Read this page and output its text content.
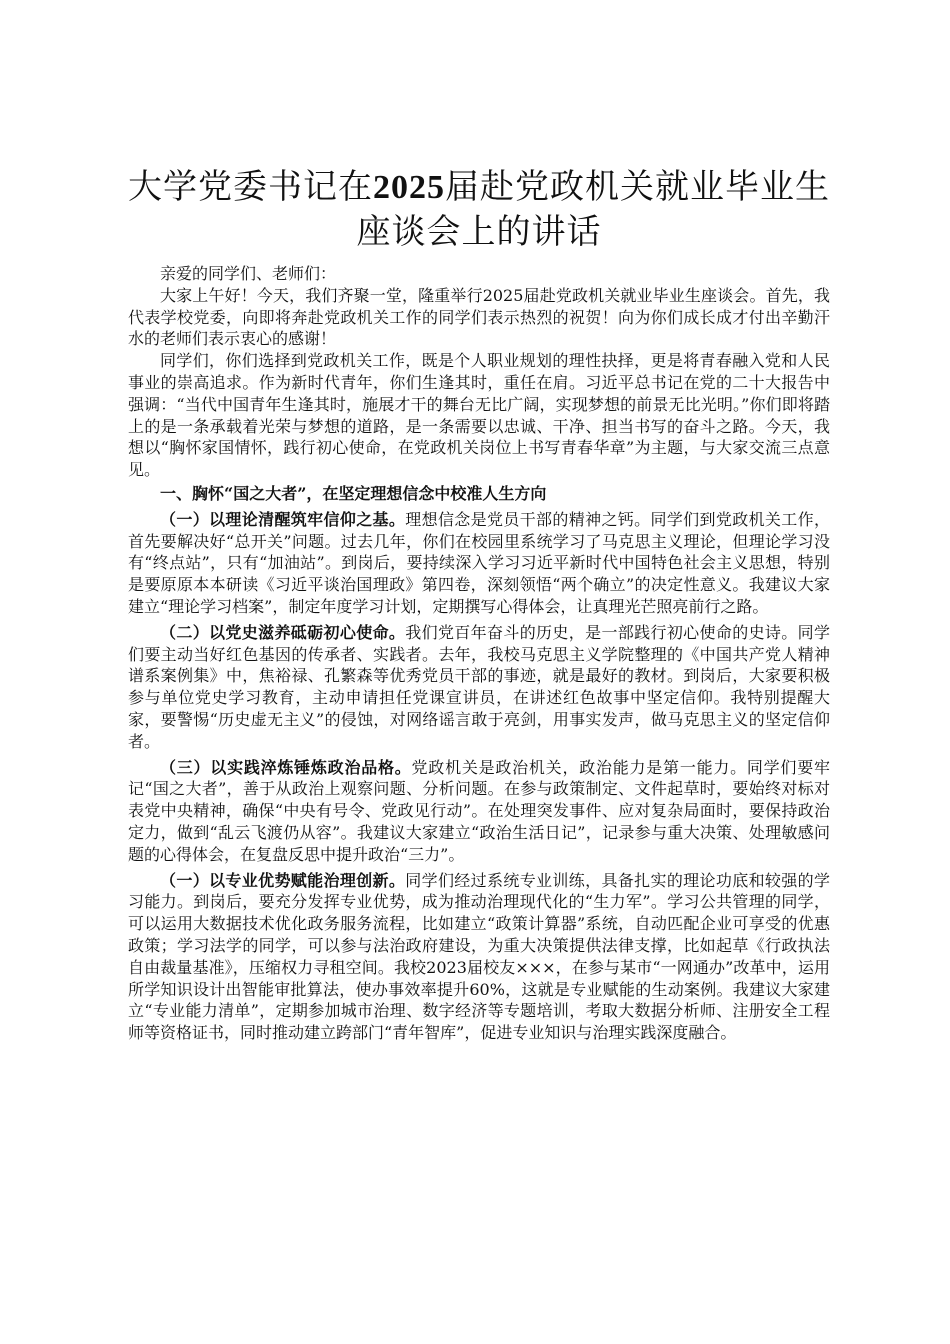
大学党委书记在2025届赴党政机关就业毕业生座谈会上的讲话

亲爱的同学们、老师们：

大家上午好！今天，我们齐聚一堂，隆重举行2025届赴党政机关就业毕业生座谈会。首先，我代表学校党委，向即将奔赴党政机关工作的同学们表示热烈的祝贺！向为你们成长成才付出辛勤汗水的老师们表示衷心的感谢！

同学们，你们选择到党政机关工作，既是个人职业规划的理性抉择，更是将青春融入党和人民事业的崇高追求。作为新时代青年，你们生逢其时，重任在肩。习近平总书记在党的二十大报告中强调：“当代中国青年生逢其时，施展才干的舞台无比广阔，实现梦想的前景无比光明。”你们即将踏上的是一条承载着光荣与梦想的道路，是一条需要以忠诚、干净、担当书写的奋斗之路。今天，我想以“胸怀家国情怀，践行初心使命，在党政机关岗位上书写青春华章”为主题，与大家交流三点意见。

一、胸怀“国之大者”，在坚定理想信念中校准人生方向

（一）以理论清醒筑牢信仰之基。理想信念是党员干部的精神之钙。同学们到党政机关工作，首先要解决好“总开关”问题。过去几年，你们在校园里系统学习了马克思主义理论，但理论学习没有“终点站”，只有“加油站”。到岗后，要持续深入学习习近平新时代中国特色社会主义思想，特别是要原原本本研读《习近平谈治国理政》第四卷，深刻领悟“两个确立”的决定性意义。我建议大家建立“理论学习档案”，制定年度学习计划，定期撰写心得体会，让真理光芒照亮前行之路。

（二）以党史滋养砥砺初心使命。我们党百年奋斗的历史，是一部践行初心使命的史诗。同学们要主动当好红色基因的传承者、实践者。去年，我校马克思主义学院整理的《中国共产党人精神谱系案例集》中，焦裕禄、孔繁森等优秀党员干部的事迹，就是最好的教材。到岗后，大家要积极参与单位党史学习教育，主动申请担任党课宣讲员，在讲述红色故事中坚定信仰。我特别提醒大家，要警惕“历史虚无主义”的侵蚀，对网络谣言敢于亮剑，用事实发声，做马克思主义的坚定信仰者。

（三）以实践淬炼锤炼政治品格。党政机关是政治机关，政治能力是第一能力。同学们要牢记“国之大者”，善于从政治上观察问题、分析问题。在参与政策制定、文件起草时，要始终对标对表党中央精神，确保“中央有号令、党政见行动”。在处理突发事件、应对复杂局面时，要保持政治定力，做到“乱云飞渡仍从容”。我建议大家建立“政治生活日记”，记录参与重大决策、处理敏感问题的心得体会，在复盘反思中提升政治“三力”。

（一）以专业优势赋能治理创新。同学们经过系统专业训练，具备扎实的理论功底和较强的学习能力。到岗后，要充分发挥专业优势，成为推动治理现代化的“生力军”。学习公共管理的同学，可以运用大数据技术优化政务服务流程，比如建立“政策计算器”系统，自动匹配企业可享受的优惠政策；学习法学的同学，可以参与法治政府建设，为重大决策提供法律支撑，比如起草《行政执法自由裁量基准》，压缩权力寻租空间。我校2023届校友×××，在参与某市“一网通办”改革中，运用所学知识设计出智能审批算法，使办事效率提升60%，这就是专业赋能的生动案例。我建议大家建立“专业能力清单”，定期参加城市治理、数字经济等专题培训，考取大数据分析师、注册安全工程师等资格证书，同时推动建立跨部门“青年智库”，促进专业知识与治理实践深度融合。
